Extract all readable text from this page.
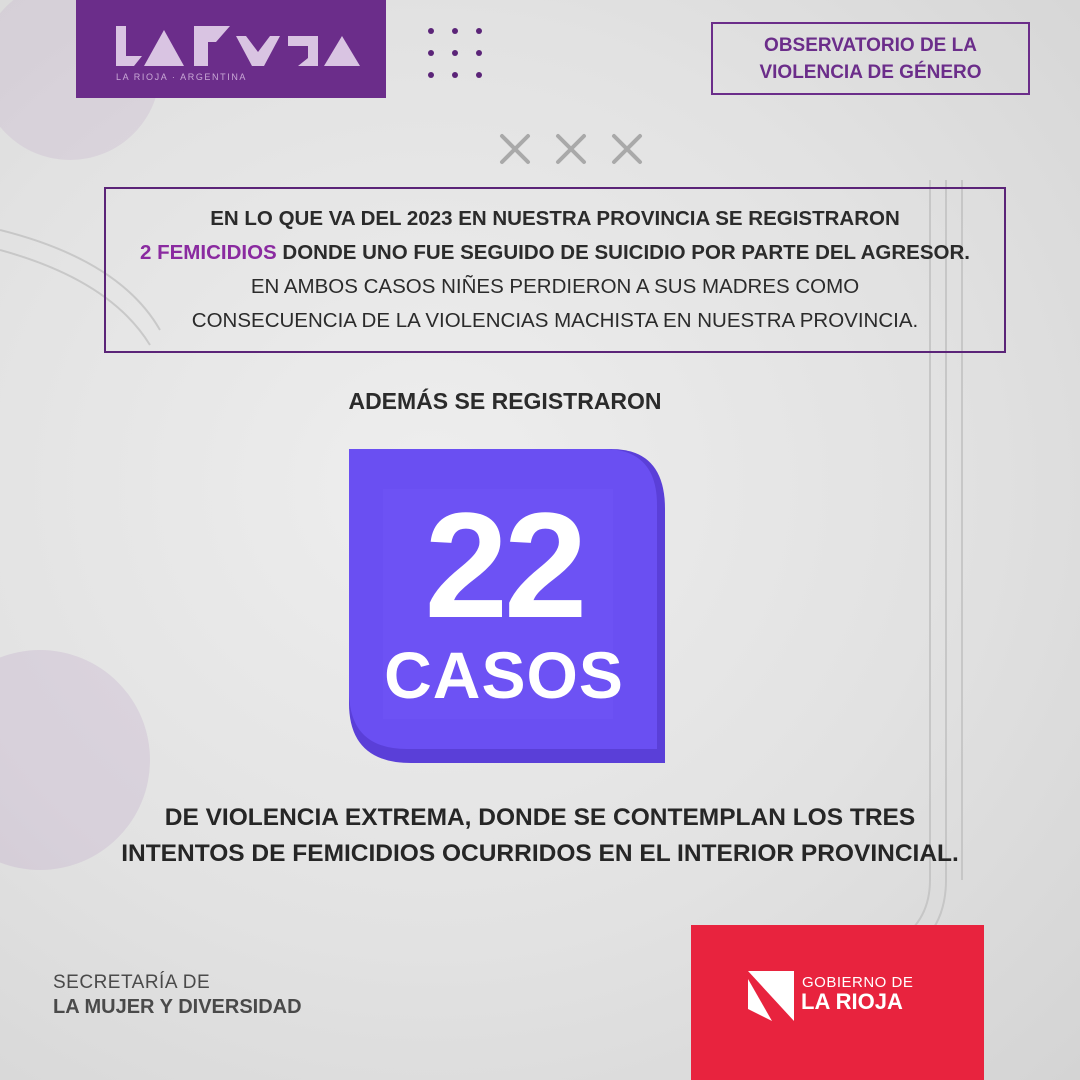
LA RIOJA · ARGENTINA
OBSERVATORIO DE LA
VIOLENCIA DE GÉNERO
EN LO QUE VA DEL 2023 EN NUESTRA PROVINCIA SE REGISTRARON
2 FEMICIDIOS DONDE UNO FUE SEGUIDO DE SUICIDIO POR PARTE DEL AGRESOR.
EN AMBOS CASOS NIÑES PERDIERON A SUS MADRES COMO
CONSECUENCIA DE LA VIOLENCIAS MACHISTA EN NUESTRA PROVINCIA.
ADEMÁS SE REGISTRARON
22
CASOS
DE VIOLENCIA EXTREMA, DONDE SE CONTEMPLAN LOS TRES
INTENTOS DE FEMICIDIOS OCURRIDOS EN EL INTERIOR PROVINCIAL.
SECRETARÍA DE
LA MUJER Y DIVERSIDAD
GOBIERNO DE
LA RIOJA
